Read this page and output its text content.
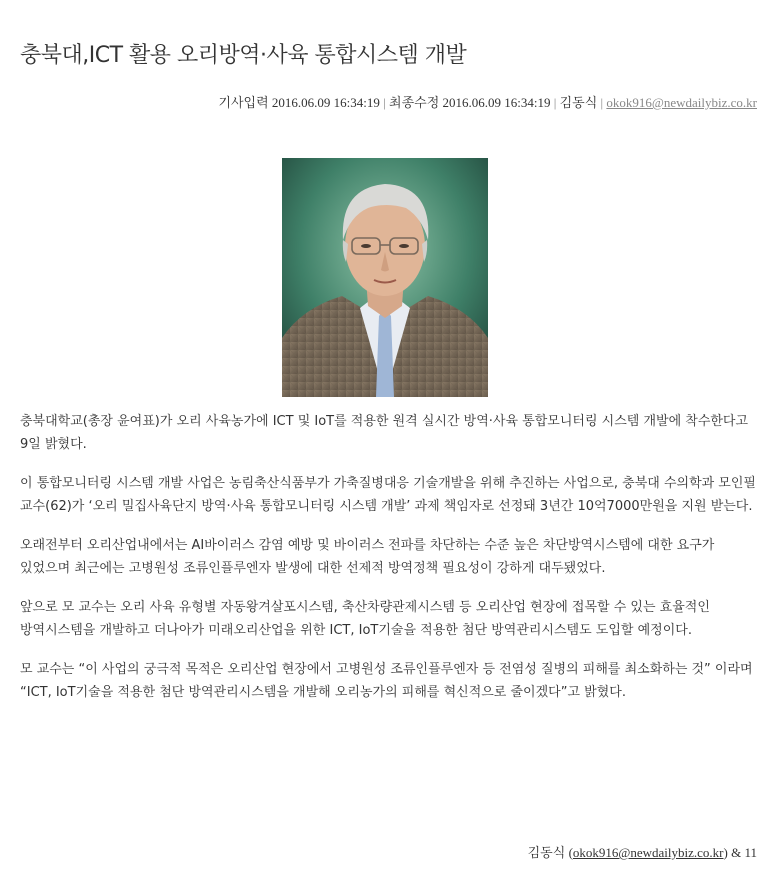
충북대,ICT 활용 오리방역·사육 통합시스템 개발
기사입력 2016.06.09 16:34:19 | 최종수정 2016.06.09 16:34:19 | 김동식 | okok916@newdailybiz.co.kr

충북대학교(총장 윤여표)가 오리 사육농가에 ICT 및 IoT를 적용한 원격 실시간 방역·사육 통합모니터링 시스템 개발에 착수한다고 9일 밝혔다.

이 통합모니터링 시스템 개발 사업은 농림축산식품부가 가축질병대응 기술개발을 위해 추진하는 사업으로, 충북대 수의학과 모인필 교수(62)가 ‘오리 밀집사육단지 방역·사육 통합모니터링 시스템 개발’ 과제 책임자로 선정돼 3년간 10억7000만원을 지원 받는다.

오래전부터 오리산업내에서는 AI바이러스 감염 예방 및 바이러스 전파를 차단하는 수준 높은 차단방역시스템에 대한 요구가 있었으며 최근에는 고병원성 조류인플루엔자 발생에 대한 선제적 방역정책 필요성이 강하게 대두됐었다.

앞으로 모 교수는 오리 사육 유형별 자동왕겨살포시스템, 축산차량관제시스템 등 오리산업 현장에 접목할 수 있는 효율적인 방역시스템을 개발하고 더나아가 미래오리산업을 위한 ICT, IoT기술을 적용한 첨단 방역관리시스템도 도입할 예정이다.

모 교수는 “이 사업의 궁극적 목적은 오리산업 현장에서 고병원성 조류인플루엔자 등 전염성 질병의 피해를 최소화하는 것” 이라며 “ICT, IoT기술을 적용한 첨단 방역관리시스템을 개발해 오리농가의 피해를 혁신적으로 줄이겠다”고 밝혔다.

김동식 (okok916@newdailybiz.co.kr) & 11
